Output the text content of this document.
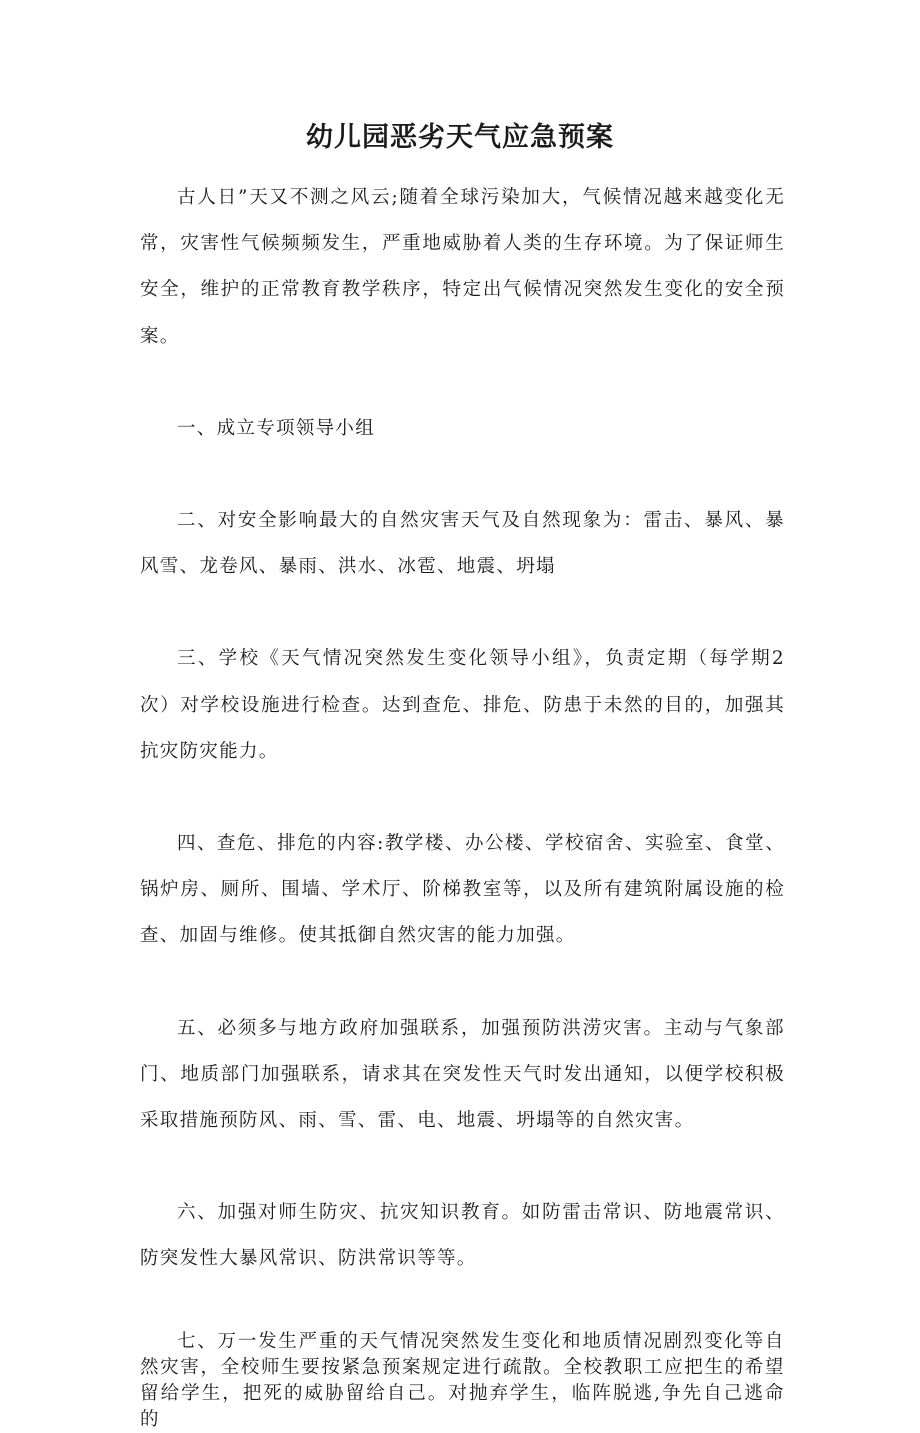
幼儿园恶劣天气应急预案

古人日”天又不测之风云;随着全球污染加大，气候情况越来越变化无常，灾害性气候频频发生，严重地威胁着人类的生存环境。为了保证师生安全，维护的正常教育教学秩序，特定出气候情况突然发生变化的安全预案。

一、成立专项领导小组

二、对安全影响最大的自然灾害天气及自然现象为：雷击、暴风、暴风雪、龙卷风、暴雨、洪水、冰雹、地震、坍塌

三、学校《天气情况突然发生变化领导小组》，负责定期（每学期2次）对学校设施进行检查。达到查危、排危、防患于未然的目的，加强其抗灾防灾能力。

四、查危、排危的内容:教学楼、办公楼、学校宿舍、实验室、食堂、锅炉房、厕所、围墙、学术厅、阶梯教室等，以及所有建筑附属设施的检查、加固与维修。使其抵御自然灾害的能力加强。

五、必须多与地方政府加强联系，加强预防洪涝灾害。主动与气象部门、地质部门加强联系，请求其在突发性天气时发出通知，以便学校积极采取措施预防风、雨、雪、雷、电、地震、坍塌等的自然灾害。

六、加强对师生防灾、抗灾知识教育。如防雷击常识、防地震常识、防突发性大暴风常识、防洪常识等等。

七、万一发生严重的天气情况突然发生变化和地质情况剧烈变化等自然灾害，全校师生要按紧急预案规定进行疏散。全校教职工应把生的希望留给学生，把死的威胁留给自己。对抛弃学生，临阵脱逃,争先自己逃命的
